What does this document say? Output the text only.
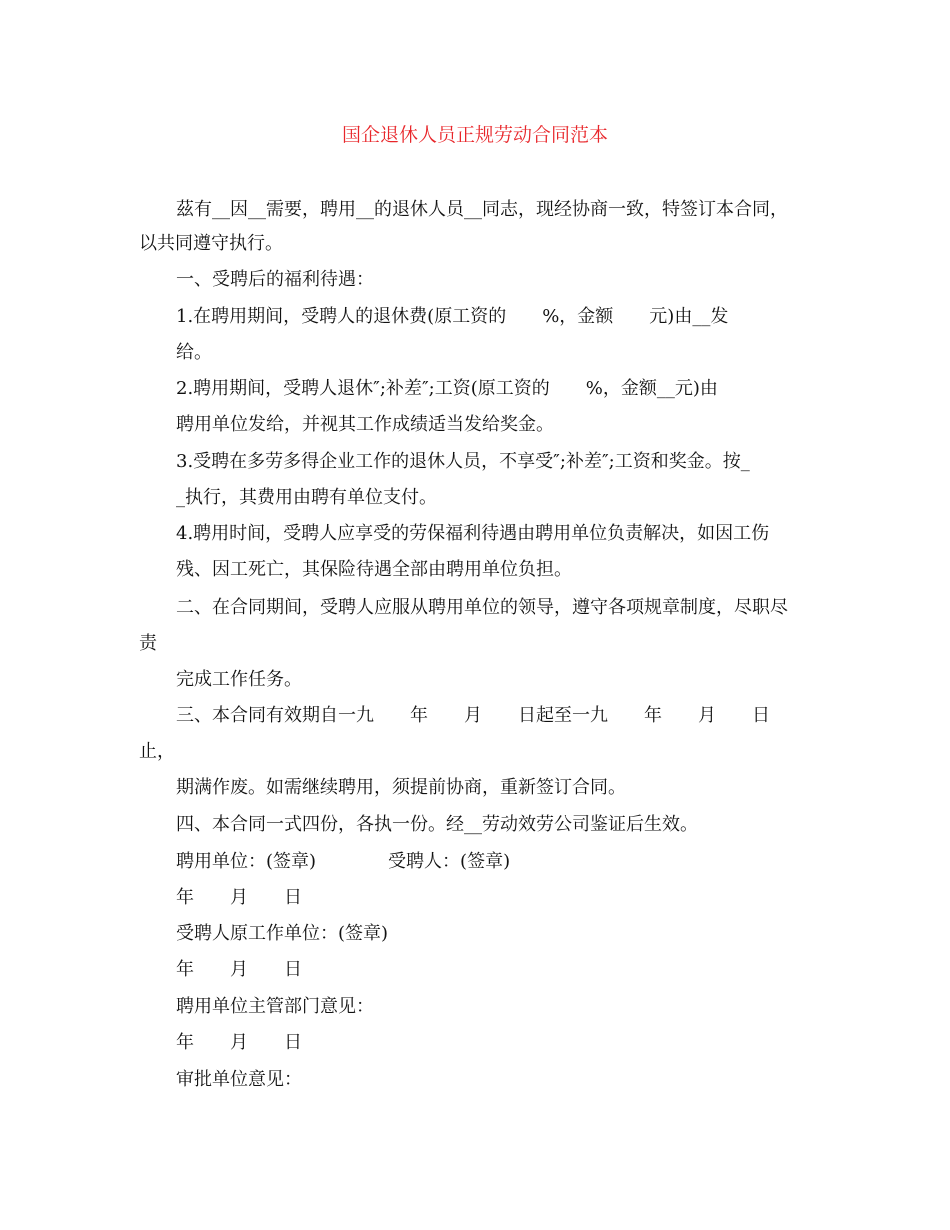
国企退休人员正规劳动合同范本
茲有__因__需要，聘用__的退休人员__同志，现经协商一致，特签订本合同，
以共同遵守执行。
一、受聘后的福利待遇：
1.在聘用期间，受聘人的退休费(原工资的　　%，金额　　元)由__发
给。
2.聘用期间，受聘人退休″;补差″;工资(原工资的　　%，金额__元)由
聘用单位发给，并视其工作成绩适当发给奖金。
3.受聘在多劳多得企业工作的退休人员，不享受″;补差″;工资和奖金。按_
_执行，其费用由聘有单位支付。
4.聘用时间，受聘人应享受的劳保福利待遇由聘用单位负责解决，如因工伤
残、因工死亡，其保险待遇全部由聘用单位负担。
二、在合同期间，受聘人应服从聘用单位的领导，遵守各项规章制度，尽职尽
责
完成工作任务。
三、本合同有效期自一九　　年　　月　　日起至一九　　年　　月　　日
止，
期满作废。如需继续聘用，须提前协商，重新签订合同。
四、本合同一式四份，各执一份。经__劳动效劳公司鉴证后生效。
聘用单位：(签章)　　　　受聘人：(签章)
年　　月　　日
受聘人原工作单位：(签章)
年　　月　　日
聘用单位主管部门意见：
年　　月　　日
审批单位意见：
